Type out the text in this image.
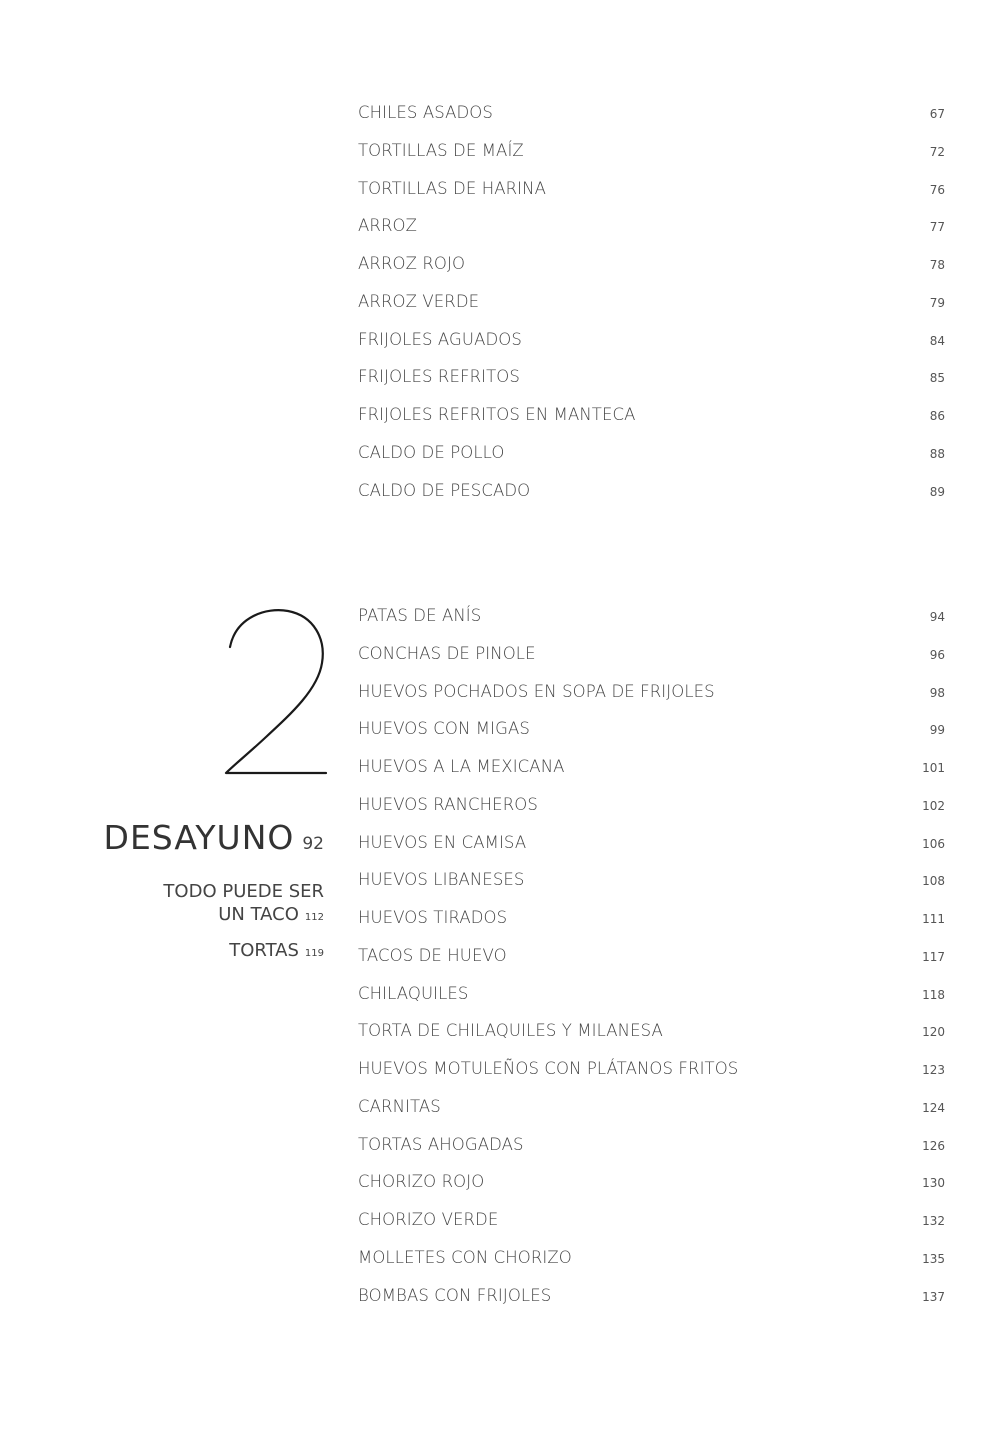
CHILES ASADOS	67
TORTILLAS DE MAÍZ	72
TORTILLAS DE HARINA	76
ARROZ	77
ARROZ ROJO	78
ARROZ VERDE	79
FRIJOLES AGUADOS	84
FRIJOLES REFRITOS	85
FRIJOLES REFRITOS EN MANTECA	86
CALDO DE POLLO	88
CALDO DE PESCADO	89
2
DESAYUNO 92
TODO PUEDE SER
UN TACO 112
TORTAS 119
PATAS DE ANÍS	94
CONCHAS DE PINOLE	96
HUEVOS POCHADOS EN SOPA DE FRIJOLES	98
HUEVOS CON MIGAS	99
HUEVOS A LA MEXICANA	101
HUEVOS RANCHEROS	102
HUEVOS EN CAMISA	106
HUEVOS LIBANESES	108
HUEVOS TIRADOS	111
TACOS DE HUEVO	117
CHILAQUILES	118
TORTA DE CHILAQUILES Y MILANESA	120
HUEVOS MOTULEÑOS CON PLÁTANOS FRITOS	123
CARNITAS	124
TORTAS AHOGADAS	126
CHORIZO ROJO	130
CHORIZO VERDE	132
MOLLETES CON CHORIZO	135
BOMBAS CON FRIJOLES	137
